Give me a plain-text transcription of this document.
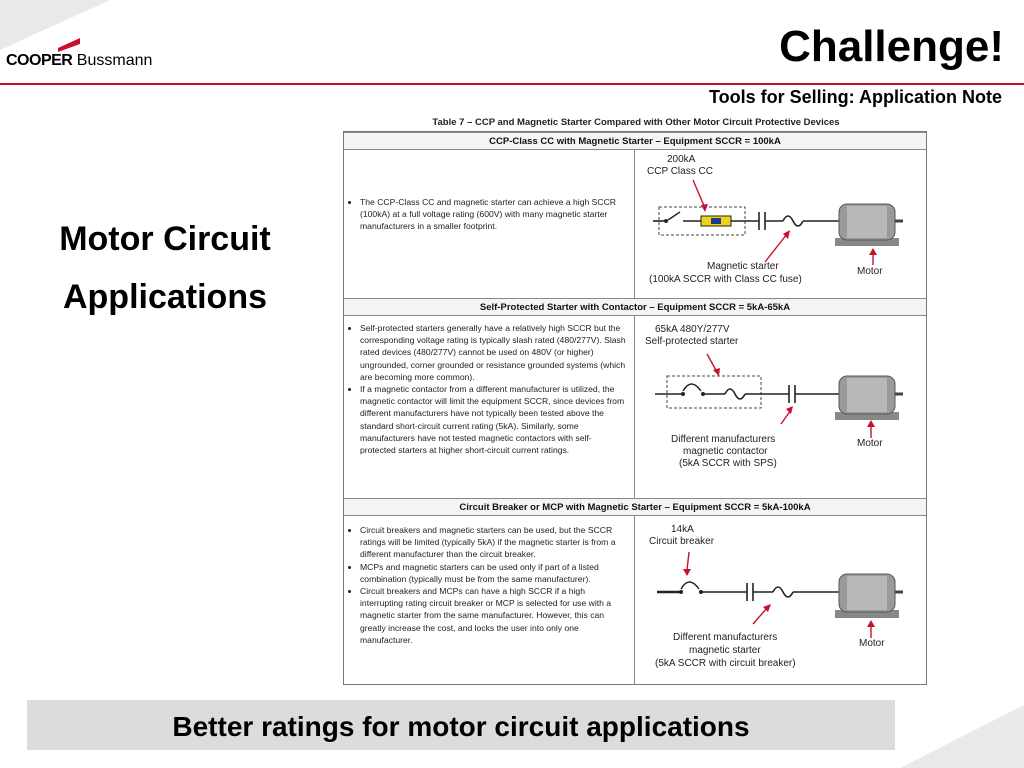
COOPER Bussmann	Challenge!
Tools for Selling: Application Note
Motor Circuit
Applications
Table 7 – CCP and Magnetic Starter Compared with Other Motor Circuit Protective Devices
CCP-Class CC with Magnetic Starter – Equipment SCCR = 100kA
• The CCP-Class CC and magnetic starter can achieve a high SCCR (100kA) at a full voltage rating (600V) with many magnetic starter manufacturers in a smaller footprint.
200kA
CCP Class CC
Magnetic starter
(100kA SCCR with Class CC fuse)
Motor
Self-Protected Starter with Contactor – Equipment SCCR = 5kA-65kA
• Self-protected starters generally have a relatively high SCCR but the corresponding voltage rating is typically slash rated (480/277V). Slash rated devices (480/277V) cannot be used on 480V (or higher) ungrounded, corner grounded or resistance grounded systems (which are becoming more common).
• If a magnetic contactor from a different manufacturer is utilized, the magnetic contactor will limit the equipment SCCR, since devices from different manufacturers have not typically been tested above the standard short-circuit current rating (5kA). Similarly, some manufacturers have not tested magnetic contactors with self-protected starters at higher short-circuit current ratings.
65kA 480Y/277V
Self-protected starter
Different manufacturers
magnetic contactor
(5kA SCCR with SPS)
Motor
Circuit Breaker or MCP with Magnetic Starter – Equipment SCCR = 5kA-100kA
• Circuit breakers and magnetic starters can be used, but the SCCR ratings will be limited (typically 5kA) if the magnetic starter is from a different manufacturer than the circuit breaker.
• MCPs and magnetic starters can be used only if part of a listed combination (typically must be from the same manufacturer).
• Circuit breakers and MCPs can have a high SCCR if a high interrupting rating circuit breaker or MCP is selected for use with a magnetic starter from the same manufacturer. However, this can greatly increase the cost, and locks the user into only one manufacturer.
14kA
Circuit breaker
Different manufacturers
magnetic starter
(5kA SCCR with circuit breaker)
Motor
Better ratings for motor circuit applications
